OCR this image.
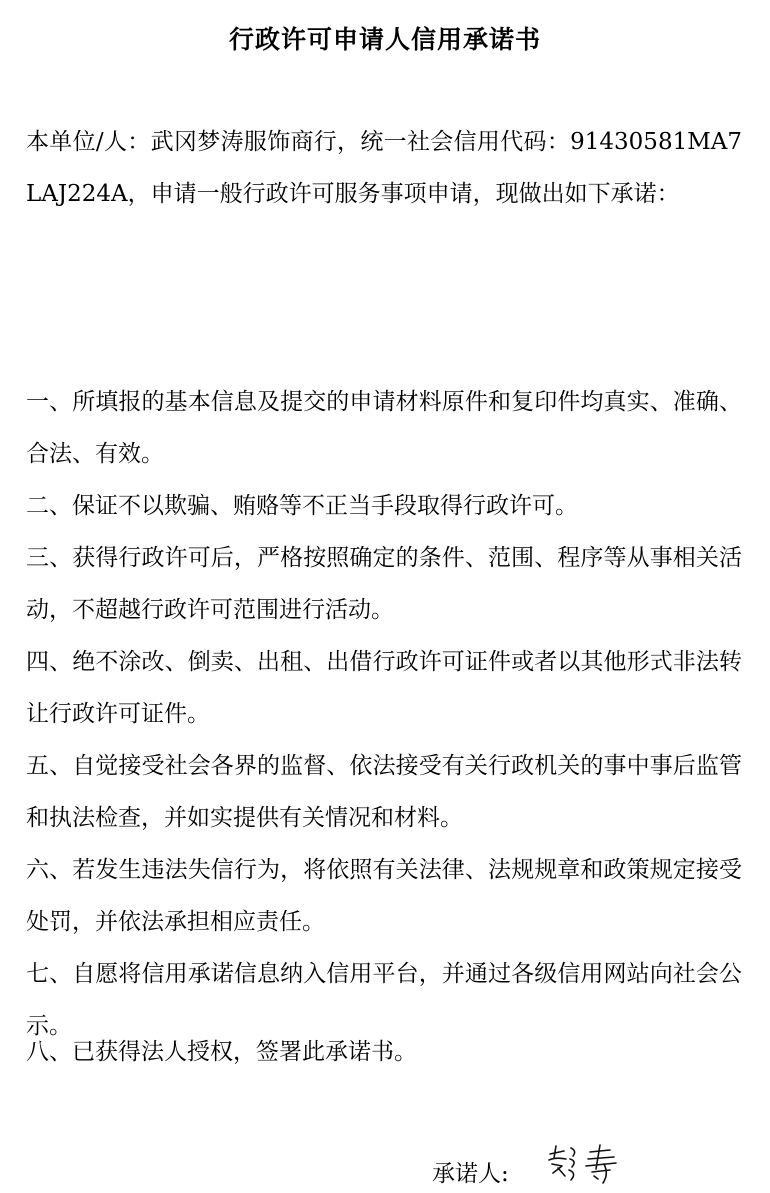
行政许可申请人信用承诺书

本单位/人：武冈梦涛服饰商行，统一社会信用代码：91430581MA7LAJ224A，申请一般行政许可服务事项申请，现做出如下承诺：

一、所填报的基本信息及提交的申请材料原件和复印件均真实、准确、合法、有效。

二、保证不以欺骗、贿赂等不正当手段取得行政许可。

三、获得行政许可后，严格按照确定的条件、范围、程序等从事相关活动，不超越行政许可范围进行活动。

四、绝不涂改、倒卖、出租、出借行政许可证件或者以其他形式非法转让行政许可证件。

五、自觉接受社会各界的监督、依法接受有关行政机关的事中事后监管和执法检查，并如实提供有关情况和材料。

六、若发生违法失信行为，将依照有关法律、法规规章和政策规定接受处罚，并依法承担相应责任。

七、自愿将信用承诺信息纳入信用平台，并通过各级信用网站向社会公示。

八、已获得法人授权，签署此承诺书。

承诺人:
